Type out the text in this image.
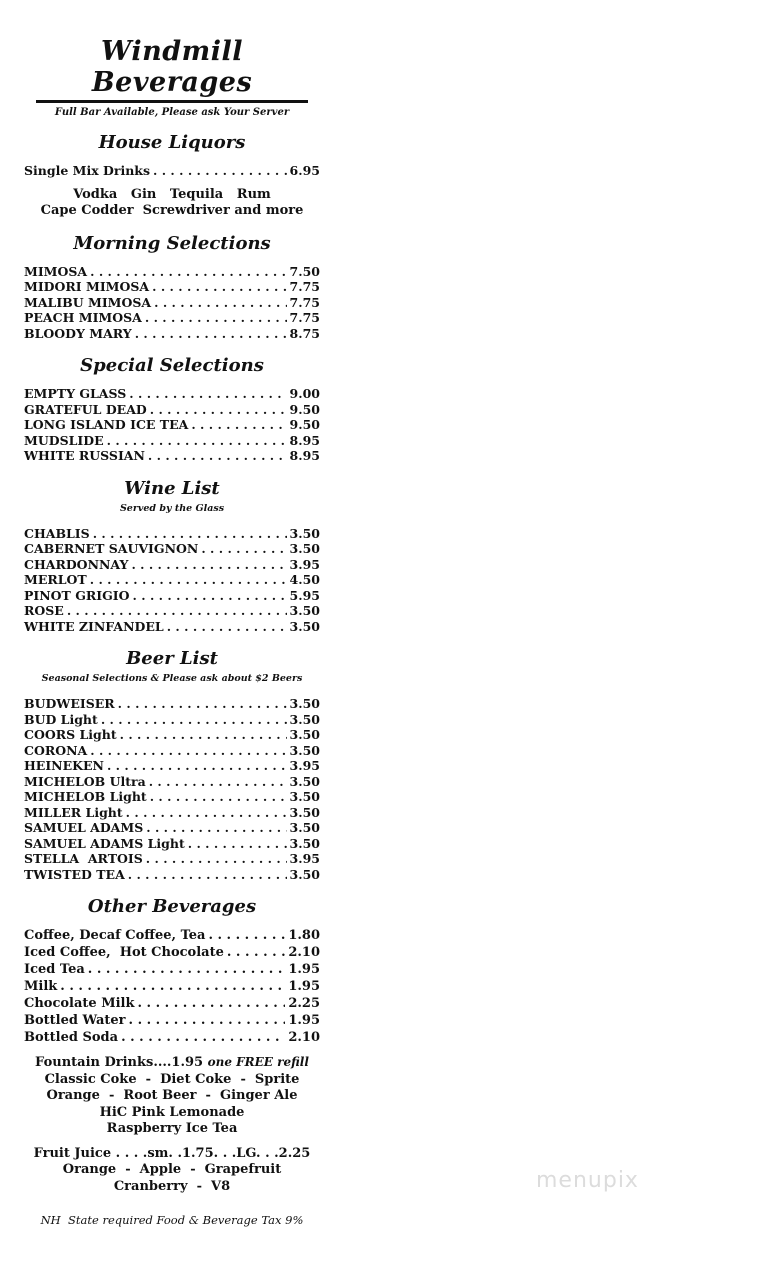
Windmill Beverages
Full Bar Available, Please ask Your Server
House Liquors
Single Mix Drinks . . .	6.95
Vodka   Gin   Tequila   Rum
Cape Codder  Screwdriver and more
Morning Selections
MIMOSA . . .	7.50
MIDORI MIMOSA . . .	7.75
MALIBU MIMOSA . . .	7.75
PEACH MIMOSA . . .	7.75
BLOODY MARY . . .	8.75
Special Selections
EMPTY GLASS . . .	9.00
GRATEFUL DEAD . . .	9.50
LONG ISLAND ICE TEA . . .	9.50
MUDSLIDE . . .	8.95
WHITE RUSSIAN . . .	8.95
Wine List
Served by the Glass
CHABLIS . . .	3.50
CABERNET SAUVIGNON . . .	3.50
CHARDONNAY . . .	3.95
MERLOT . . .	4.50
PINOT GRIGIO . . .	5.95
ROSE . . .	3.50
WHITE ZINFANDEL . . .	3.50
Beer List
Seasonal Selections & Please ask about $2 Beers
BUDWEISER . . .	3.50
BUD Light . . .	3.50
COORS Light . . .	3.50
CORONA . . .	3.50
HEINEKEN . . .	3.95
MICHELOB Ultra . . .	3.50
MICHELOB Light . . .	3.50
MILLER Light . . .	3.50
SAMUEL ADAMS . . .	3.50
SAMUEL ADAMS Light . . .	3.50
STELLA  ARTOIS . . .	3.95
TWISTED TEA . . .	3.50
Other Beverages
Coffee, Decaf Coffee, Tea . . .	1.80
Iced Coffee,  Hot Chocolate . . .	2.10
Iced Tea . . .	1.95
Milk . . .	1.95
Chocolate Milk . . .	2.25
Bottled Water . . .	1.95
Bottled Soda . . .	2.10
Fountain Drinks....1.95 one FREE refill
Classic Coke  -  Diet Coke  -  Sprite
Orange  -  Root Beer  -  Ginger Ale
HiC Pink Lemonade
Raspberry Ice Tea
Fruit Juice . . . .sm. .1.75. . .LG. . .2.25
Orange  -  Apple  -  Grapefruit
Cranberry  -  V8
NH  State required Food & Beverage Tax 9%
menupix
